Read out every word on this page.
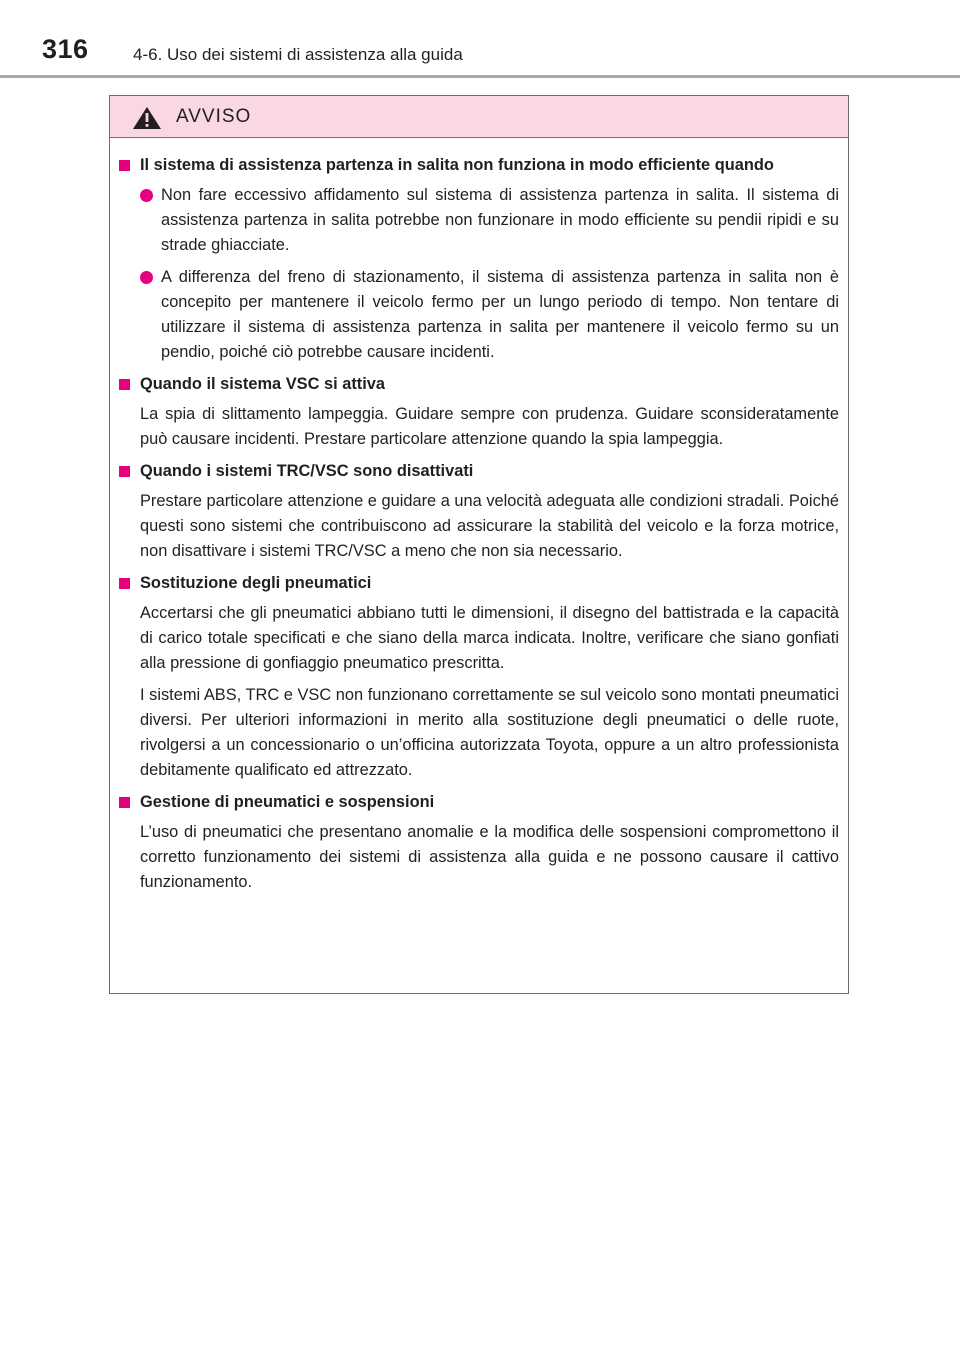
316	4-6. Uso dei sistemi di assistenza alla guida
AVVISO
Il sistema di assistenza partenza in salita non funziona in modo efficiente quando
Non fare eccessivo affidamento sul sistema di assistenza partenza in salita. Il sistema di assistenza partenza in salita potrebbe non funzionare in modo efficiente su pendii ripidi e su strade ghiacciate.
A differenza del freno di stazionamento, il sistema di assistenza partenza in salita non è concepito per mantenere il veicolo fermo per un lungo periodo di tempo. Non tentare di utilizzare il sistema di assistenza partenza in salita per mantenere il veicolo fermo su un pendio, poiché ciò potrebbe causare incidenti.
Quando il sistema VSC si attiva
La spia di slittamento lampeggia. Guidare sempre con prudenza. Guidare sconsideratamente può causare incidenti. Prestare particolare attenzione quando la spia lampeggia.
Quando i sistemi TRC/VSC sono disattivati
Prestare particolare attenzione e guidare a una velocità adeguata alle condizioni stradali. Poiché questi sono sistemi che contribuiscono ad assicurare la stabilità del veicolo e la forza motrice, non disattivare i sistemi TRC/VSC a meno che non sia necessario.
Sostituzione degli pneumatici
Accertarsi che gli pneumatici abbiano tutti le dimensioni, il disegno del battistrada e la capacità di carico totale specificati e che siano della marca indicata. Inoltre, verificare che siano gonfiati alla pressione di gonfiaggio pneumatico prescritta.
I sistemi ABS, TRC e VSC non funzionano correttamente se sul veicolo sono montati pneumatici diversi. Per ulteriori informazioni in merito alla sostituzione degli pneumatici o delle ruote, rivolgersi a un concessionario o un’officina autorizzata Toyota, oppure a un altro professionista debitamente qualificato ed attrezzato.
Gestione di pneumatici e sospensioni
L’uso di pneumatici che presentano anomalie e la modifica delle sospensioni compromettono il corretto funzionamento dei sistemi di assistenza alla guida e ne possono causare il cattivo funzionamento.
